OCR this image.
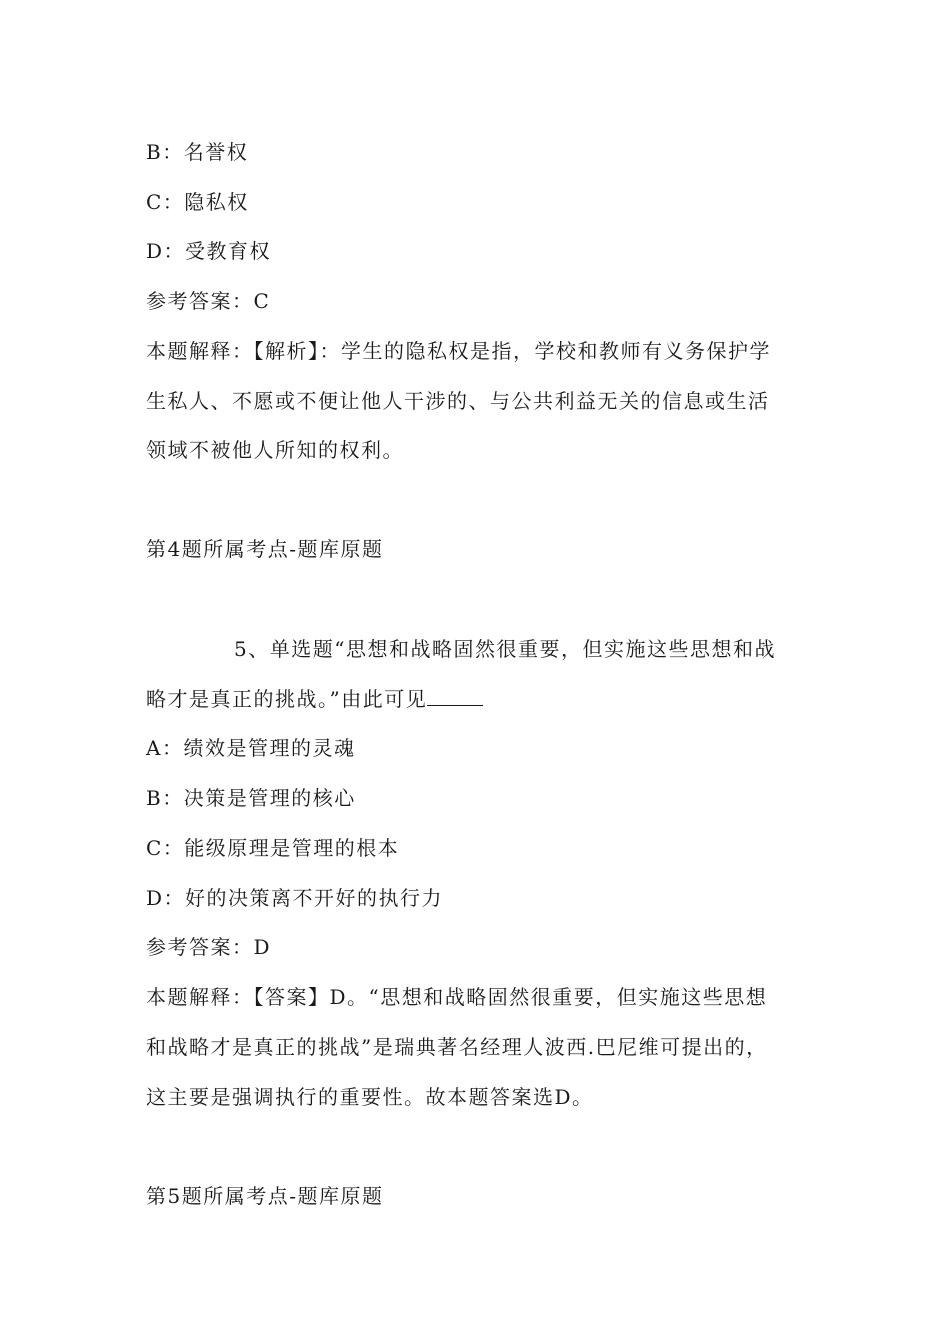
B：名誉权
C：隐私权
D：受教育权
参考答案：C
本题解释：【解析】：学生的隐私权是指，学校和教师有义务保护学
生私人、不愿或不便让他人干涉的、与公共利益无关的信息或生活
领域不被他人所知的权利。
第4题所属考点-题库原题
5、单选题“思想和战略固然很重要，但实施这些思想和战
略才是真正的挑战。”由此可见
A：绩效是管理的灵魂
B：决策是管理的核心
C：能级原理是管理的根本
D：好的决策离不开好的执行力
参考答案：D
本题解释：【答案】D。“思想和战略固然很重要，但实施这些思想
和战略才是真正的挑战”是瑞典著名经理人波西.巴尼维可提出的，
这主要是强调执行的重要性。故本题答案选D。
第5题所属考点-题库原题
